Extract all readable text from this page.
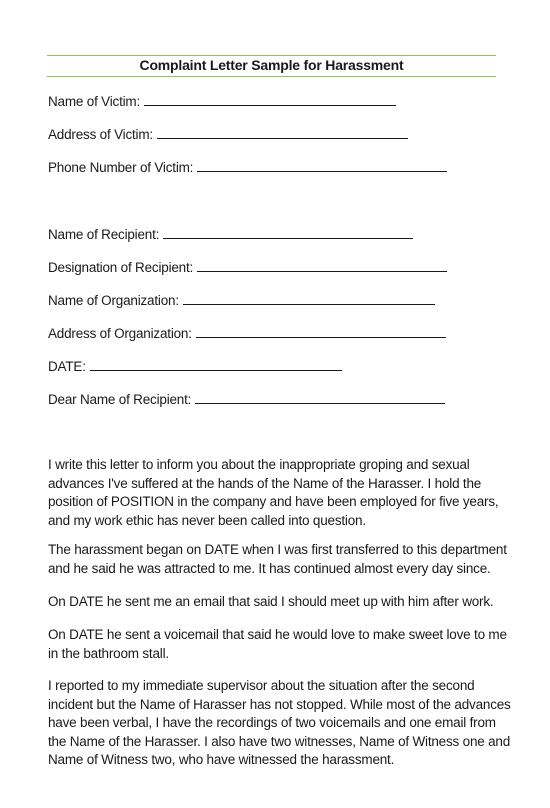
Complaint Letter Sample for Harassment
Name of Victim:
Address of Victim:
Phone Number of Victim:
Name of Recipient:
Designation of Recipient:
Name of Organization:
Address of Organization:
DATE:
Dear Name of Recipient:
I write this letter to inform you about the inappropriate groping and sexual
advances I've suffered at the hands of the Name of the Harasser. I hold the
position of POSITION in the company and have been employed for five years,
and my work ethic has never been called into question.
The harassment began on DATE when I was first transferred to this department
and he said he was attracted to me. It has continued almost every day since.
On DATE he sent me an email that said I should meet up with him after work.
On DATE he sent a voicemail that said he would love to make sweet love to me
in the bathroom stall.
I reported to my immediate supervisor about the situation after the second
incident but the Name of Harasser has not stopped. While most of the advances
have been verbal, I have the recordings of two voicemails and one email from
the Name of the Harasser. I also have two witnesses, Name of Witness one and
Name of Witness two, who have witnessed the harassment.
